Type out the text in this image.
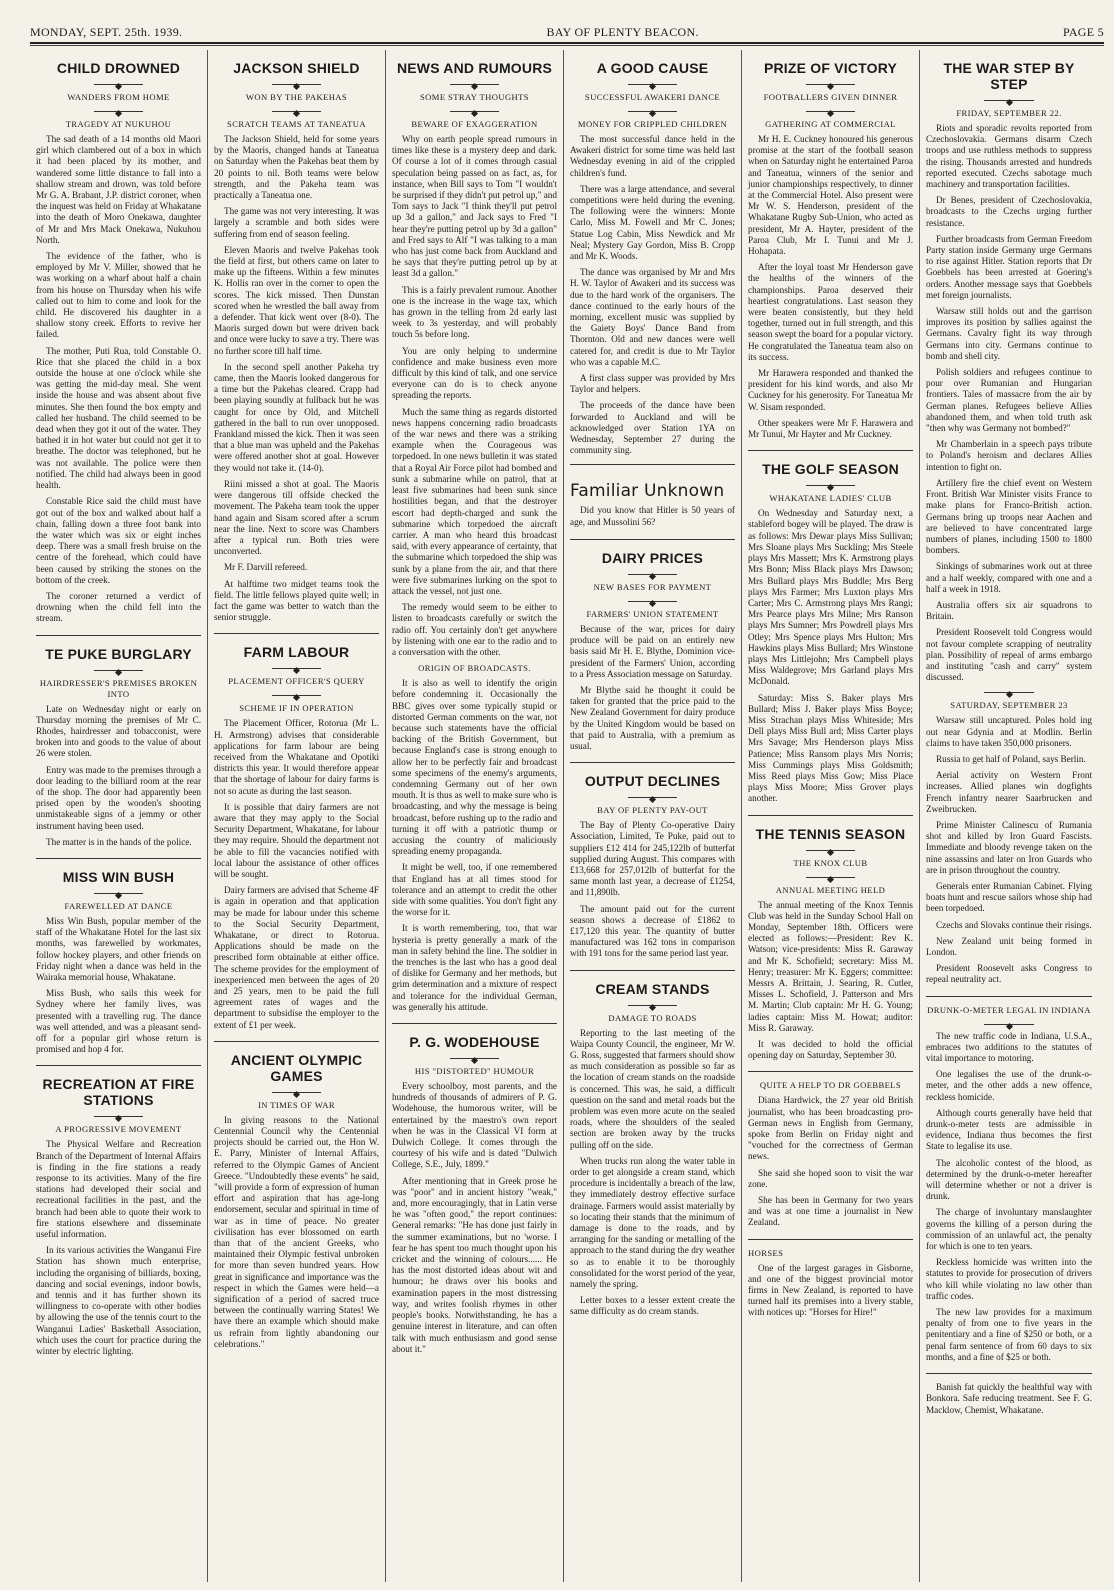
MONDAY, SEPT. 25th. 1939.	BAY OF PLENTY BEACON.	PAGE 5
CHILD DROWNED
WANDERS FROM HOME
TRAGEDY AT NUKUHOU

The sad death of a 14 months old Maori girl which clambered out of a box in which it had been placed by its mother, and wandered some little distance to fall into a shallow stream and drown, was told before Mr G. A. Brabant, J.P. district coroner, when the inquest was held on Friday at Whakatane into the death of Moro Onekawa, daughter of Mr and Mrs Mack Onekawa, Nukuhou North.

The evidence of the father, who is employed by Mr V. Miller, showed that he was working on a wharf about half a chain from his house on Thursday when his wife called out to him to come and look for the child. He discovered his daughter in a shallow stony creek. Efforts to revive her failed.

The mother, Puti Rua, told Constable O. Rice that she placed the child in a box outside the house at one o'clock while she was getting the mid-day meal. She went inside the house and was absent about five minutes. She then found the box empty and called her husband. The child seemed to be dead when they got it out of the water. They bathed it in hot water but could not get it to breathe. The doctor was telephoned, but he was not available. The police were then notified. The child had always been in good health.

Constable Rice said the child must have got out of the box and walked about half a chain, falling down a three foot bank into the water which was six or eight inches deep. There was a small fresh bruise on the centre of the forehead, which could have been caused by striking the stones on the bottom of the creek.

The coroner returned a verdict of drowning when the child fell into the stream.

TE PUKE BURGLARY
HAIRDRESSER'S PREMISES BROKEN INTO

Late on Wednesday night or early on Thursday morning the premises of Mr C. Rhodes, hairdresser and tobacconist, were broken into and goods to the value of about 26 were stolen.

Entry was made to the premises through a door leading to the billiard room at the rear of the shop. The door had apparently been prised open by the wooden's shooting unmistakeable signs of a jemmy or other instrument having been used.

The matter is in the hands of the police.

MISS WIN BUSH
FAREWELLED AT DANCE

Miss Win Bush, popular member of the staff of the Whakatane Hotel for the last six months, was farewelled by workmates, follow hockey players, and other friends on Friday night when a dance was held in the Wairaka memorial house, Whakatane.

Miss Bush, who sails this week for Sydney where her family lives, was presented with a travelling rug. The dance was well attended, and was a pleasant send-off for a popular girl whose return is promised and hop 4 for.

RECREATION AT FIRE STATIONS
A PROGRESSIVE MOVEMENT

The Physical Welfare and Recreation Branch of the Department of Internal Affairs is finding in the fire stations a ready response to its activities. Many of the fire stations had developed their social and recreational facilities in the past, and the branch had been able to quote their work to fire stations elsewhere and disseminate useful information.

In its various activities the Wanganui Fire Station has shown much enterprise, including the organising of billiards, boxing, dancing and social evenings, indoor bowls, and tennis and it has further shown its willingness to co-operate with other bodies by allowing the use of the tennis court to the Wanganui Ladies' Basketball Association, which uses the court for practice during the winter by electric lighting.

JACKSON SHIELD
WON BY THE PAKEHAS
SCRATCH TEAMS AT TANEATUA

The Jackson Shield, held for some years by the Maoris, changed hands at Taneatua on Saturday when the Pakehas beat them by 20 points to nil. Both teams were below strength, and the Pakeha team was practically a Taneatua one.

The game was not very interesting. It was largely a scramble and both sides were suffering from end of season feeling.

Eleven Maoris and twelve Pakehas took the field at first, but others came on later to make up the fifteens. Within a few minutes K. Hollis ran over in the corner to open the scores. The kick missed. Then Dunstan scored when he wrestled the ball away from a defender. That kick went over (8-0). The Maoris surged down but were driven back and once were lucky to save a try. There was no further score till half time.

In the second spell another Pakeha try came, then the Maoris looked dangerous for a time but the Pakehas cleared. Crapp had been playing soundly at fullback but he was caught for once by Old, and Mitchell gathered in the ball to run over unopposed. Frankland missed the kick. Then it was seen that a blue man was upheld and the Pakehas were offered another shot at goal. However they would not take it. (14-0).

Riini missed a shot at goal. The Maoris were dangerous till offside checked the movement. The Pakeha team took the upper hand again and Sisam scored after a scrum near the line. Next to score was Chambers after a typical run. Both tries were unconverted.

Mr F. Darvill refereed.

At halftime two midget teams took the field. The little fellows played quite well; in fact the game was better to watch than the senior struggle.

FARM LABOUR
PLACEMENT OFFICER'S QUERY
SCHEME IF IN OPERATION

The Placement Officer, Rotorua (Mr L. H. Armstrong) advises that considerable applications for farm labour are being received from the Whakatane and Opotiki districts this year. It would therefore appear that the shortage of labour for dairy farms is not so acute as during the last season.

It is possible that dairy farmers are not aware that they may apply to the Social Security Department, Whakatane, for labour they may require. Should the department not be able to fill the vacancies notified with local labour the assistance of other offices will be sought.

Dairy farmers are advised that Scheme 4F is again in operation and that application may be made for labour under this scheme to the Social Security Department, Whakatane, or direct to Rotorua. Applications should be made on the prescribed form obtainable at either office. The scheme provides for the employment of inexperienced men between the ages of 20 and 25 years, men to be paid the full agreement rates of wages and the department to subsidise the employer to the extent of £1 per week.

ANCIENT OLYMPIC GAMES
IN TIMES OF WAR

In giving reasons to the National Centennial Council why the Centennial projects should be carried out, the Hon W. E. Parry, Minister of Internal Affairs, referred to the Olympic Games of Ancient Greece. "Undoubtedly these events" he said, "will provide a form of expression of human effort and aspiration that has age-long endorsement, secular and spiritual in time of war as in time of peace. No greater civilisation has ever blossomed on earth than that of the ancient Greeks, who maintained their Olympic festival unbroken for more than seven hundred years. How great in significance and importance was the respect in which the Games were held—a signification of a period of sacred truce between the continually warring States! We have there an example which should make us refrain from lightly abandoning our celebrations."

NEWS AND RUMOURS
SOME STRAY THOUGHTS
BEWARE OF EXAGGERATION

Why on earth people spread rumours in times like these is a mystery deep and dark. Of course a lot of it comes through casual speculation being passed on as fact, as, for instance, when Bill says to Tom "I wouldn't be surprised if they didn't put petrol up," and Tom says to Jack "I think they'll put petrol up 3d a gallon," and Jack says to Fred "I hear they're putting petrol up by 3d a gallon" and Fred says to Alf "I was talking to a man who has just come back from Auckland and he says that they're putting petrol up by at least 3d a gallon."

This is a fairly prevalent rumour. Another one is the increase in the wage tax, which has grown in the telling from 2d early last week to 3s yesterday, and will probably touch 5s before long.

You are only helping to undermine confidence and make business even more difficult by this kind of talk, and one service everyone can do is to check anyone spreading the reports.

Much the same thing as regards distorted news happens concerning radio broadcasts of the war news and there was a striking example when the Courageous was torpedoed. In one news bulletin it was stated that a Royal Air Force pilot had bombed and sunk a submarine while on patrol, that at least five submarines had been sunk since hostilities began, and that the destroyer escort had depth-charged and sunk the submarine which torpedoed the aircraft carrier. A man who heard this broadcast said, with every appearance of certainty, that the submarine which torpedoed the ship was sunk by a plane from the air, and that there were five submarines lurking on the spot to attack the vessel, not just one.

The remedy would seem to be either to listen to broadcasts carefully or switch the radio off. You certainly don't get anywhere by listening with one ear to the radio and to a conversation with the other.

ORIGIN OF BROADCASTS.

It is also as well to identify the origin before condemning it. Occasionally the BBC gives over some typically stupid or distorted German comments on the war, not because such statements have the official backing of the British Government, but because England's case is strong enough to allow her to be perfectly fair and broadcast some specimens of the enemy's arguments, condemning Germany out of her own mouth. It is thus as well to make sure who is broadcasting, and why the message is being broadcast, before rushing up to the radio and turning it off with a patriotic thump or accusing the country of maliciously spreading enemy propaganda.

It might be well, too, if one remembered that England has at all times stood for tolerance and an attempt to credit the other side with some qualities. You don't fight any the worse for it.

It is worth remembering, too, that war hysteria is pretty generally a mark of the man in safety behind the line. The soldier in the trenches is the last who has a good deal of dislike for Germany and her methods, but grim determination and a mixture of respect and tolerance for the individual German, was generally his attitude.

P. G. WODEHOUSE
HIS "DISTORTED" HUMOUR

Every schoolboy, most parents, and the hundreds of thousands of admirers of P. G. Wodehouse, the humorous writer, will be entertained by the maestro's own report when he was in the Classical VI form at Dulwich College. It comes through the courtesy of his wife and is dated "Dulwich College, S.E., July, 1899."

After mentioning that in Greek prose he was "poor" and in ancient history "weak," and, more encouragingly, that in Latin verse he was "often good," the report continues: General remarks: "He has done just fairly in the summer examinations, but no 'worse. I fear he has spent too much thought upon his cricket and the winning of colours...... He has the most distorted ideas about wit and humour; he draws over his books and examination papers in the most distressing way, and writes foolish rhymes in other people's books. Notwithstanding, he has a genuine interest in literature, and can often talk with much enthusiasm and good sense about it."

A GOOD CAUSE
SUCCESSFUL AWAKERI DANCE
MONEY FOR CRIPPLED CHILDREN

The most successful dance held in the Awakeri district for some time was held last Wednesday evening in aid of the crippled children's fund.

There was a large attendance, and several competitions were held during the evening. The following were the winners: Monte Carlo, Miss M. Fowell and Mr C. Jones; Statue Log Cabin, Miss Newdick and Mr Neal; Mystery Gay Gordon, Miss B. Cropp and Mr K. Woods.

The dance was organised by Mr and Mrs H. W. Taylor of Awakeri and its success was due to the hard work of the organisers. The dance continued to the early hours of the morning, excellent music was supplied by the Gaiety Boys' Dance Band from Thornton. Old and new dances were well catered for, and credit is due to Mr Taylor who was a capable M.C.

A first class supper was provided by Mrs Taylor and helpers.

The proceeds of the dance have been forwarded to Auckland and will be acknowledged over Station 1YA on Wednesday, September 27 during the community sing.

Familiar Unknown

Did you know that Hitler is 50 years of age, and Mussolini 56?

DAIRY PRICES
NEW BASES FOR PAYMENT
FARMERS' UNION STATEMENT

Because of the war, prices for dairy produce will be paid on an entirely new basis said Mr H. E. Blythe, Dominion vice-president of the Farmers' Union, according to a Press Association message on Saturday.

Mr Blythe said he thought it could be taken for granted that the price paid to the New Zealand Government for dairy produce by the United Kingdom would be based on that paid to Australia, with a premium as usual.

OUTPUT DECLINES
BAY OF PLENTY PAY-OUT

The Bay of Plenty Co-operative Dairy Association, Limited, Te Puke, paid out to suppliers £12 414 for 245,122lb of butterfat supplied during August. This compares with £13,668 for 257,012lb of butterfat for the same month last year, a decrease of £1254, and 11,890lb.

The amount paid out for the current season shows a decrease of £1862 to £17,120 this year. The quantity of butter manufactured was 162 tons in comparison with 191 tons for the same period last year.

CREAM STANDS
DAMAGE TO ROADS

Reporting to the last meeting of the Waipa County Council, the engineer, Mr W. G. Ross, suggested that farmers should show as much consideration as possible so far as the location of cream stands on the roadside is concerned. This was, he said, a difficult question on the sand and metal roads but the problem was even more acute on the sealed roads, where the shoulders of the sealed section are broken away by the trucks pulling off on the side.

When trucks run along the water table in order to get alongside a cream stand, which procedure is incidentally a breach of the law, they immediately destroy effective surface drainage. Farmers would assist materially by so locating their stands that the minimum of damage is done to the roads, and by arranging for the sanding or metalling of the approach to the stand during the dry weather so as to enable it to be thoroughly consolidated for the worst period of the year, namely the spring.

Letter boxes to a lesser extent create the same difficulty as do cream stands.

PRIZE OF VICTORY
FOOTBALLERS GIVEN DINNER
GATHERING AT COMMERCIAL

Mr H. E. Cuckney honoured his generous promise at the start of the football season when on Saturday night he entertained Paroa and Taneatua, winners of the senior and junior championships respectively, to dinner at the Commercial Hotel. Also present were Mr W. S. Henderson, president of the Whakatane Rugby Sub-Union, who acted as president, Mr A. Hayter, president of the Paroa Club, Mr I. Tunui and Mr J. Hohapata.

After the loyal toast Mr Henderson gave the healths of the winners of the championships. Paroa deserved their heartiest congratulations. Last season they were beaten consistently, but they held together, turned out in full strength, and this season swept the board for a popular victory. He congratulated the Taneatua team also on its success.

Mr Harawera responded and thanked the president for his kind words, and also Mr Cuckney for his generosity. For Taneatua Mr W. Sisam responded.

Other speakers were Mr F. Harawera and Mr Tunui, Mr Hayter and Mr Cuckney.

THE GOLF SEASON
WHAKATANE LADIES' CLUB

On Wednesday and Saturday next, a stableford bogey will be played. The draw is as follows: Mrs Dewar plays Miss Sullivan; Mrs Sloane plays Mrs Suckling; Mrs Steele plays Mrs Massett; Mrs K. Armstrong plays Mrs Bonn; Miss Black plays Mrs Dawson; Mrs Bullard plays Mrs Buddle; Mrs Berg plays Mrs Farmer; Mrs Luxton plays Mrs Carter; Mrs C. Armstrong plays Mrs Rangi; Mrs Pearce plays Mrs Milne; Mrs Ranson plays Mrs Sumner; Mrs Powdrell plays Mrs Otley; Mrs Spence plays Mrs Hulton; Mrs Hawkins plays Miss Bullard; Mrs Winstone plays Mrs Littlejohn; Mrs Campbell plays Miss Waldegrove; Mrs Garland plays Mrs McDonald.

Saturday: Miss S. Baker plays Mrs Bullard; Miss J. Baker plays Miss Boyce; Miss Strachan plays Miss Whiteside; Mrs Dell plays Miss Bull ard; Miss Carter plays Mrs Savage; Mrs Henderson plays Miss Patience; Miss Ransom plays Mrs Norris; Miss Cummings plays Miss Goldsmith; Miss Reed plays Miss Gow; Miss Place plays Miss Moore; Miss Grover plays another.

THE TENNIS SEASON
THE KNOX CLUB
ANNUAL MEETING HELD

The annual meeting of the Knox Tennis Club was held in the Sunday School Hall on Monday, September 18th. Officers were elected as follows:—President: Rev K. Watson; vice-presidents: Miss R. Garaway and Mr K. Schofield; secretary: Miss M. Henry; treasurer: Mr K. Eggers; committee: Messrs A. Brittain, J. Searing, R. Cutler, Misses L. Schofield, J. Patterson and Mrs M. Martin; Club captain: Mr H. G. Young; ladies captain: Miss M. Howat; auditor: Miss R. Garaway.

It was decided to hold the official opening day on Saturday, September 30.

QUITE A HELP TO DR GOEBBELS

Diana Hardwick, the 27 year old British journalist, who has been broadcasting pro-German news in English from Germany, spoke from Berlin on Friday night and "vouched for the correctness of German news.

She said she hoped soon to visit the war zone.

She has been in Germany for two years and was at one time a journalist in New Zealand.

HORSES

One of the largest garages in Gisborne, and one of the biggest provincial motor firms in New Zealand, is reported to have turned half its premises into a livery stable, with notices up: "Horses for Hire!"

THE WAR STEP BY STEP
FRIDAY, SEPTEMBER 22.

Riots and sporadic revolts reported from Czechoslovakia. Germans disarm Czech troops and use ruthless methods to suppress the rising. Thousands arrested and hundreds reported executed. Czechs sabotage much machinery and transportation facilities.

Dr Benes, president of Czechoslovakia, broadcasts to the Czechs urging further resistance.

Further broadcasts from German Freedom Party station inside Germany urge Germans to rise against Hitler. Station reports that Dr Goebbels has been arrested at Goering's orders. Another message says that Goebbels met foreign journalists.

Warsaw still holds out and the garrison improves its position by sallies against the Germans. Cavalry fight its way through Germans into city. Germans continue to bomb and shell city.

Polish soldiers and refugees continue to pour over Rumanian and Hungarian frontiers. Tales of massacre from the air by German planes. Refugees believe Allies abandoned them, and when told truth ask "then why was Germany not bombed?"

Mr Chamberlain in a speech pays tribute to Poland's heroism and declares Allies intention to fight on.

Artillery fire the chief event on Western Front. British War Minister visits France to make plans for Franco-British action. Germans bring up troops near Aachen and are believed to have concentrated large numbers of planes, including 1500 to 1800 bombers.

Sinkings of submarines work out at three and a half weekly, compared with one and a half a week in 1918.

Australia offers six air squadrons to Britain.

President Roosevelt told Congress would not favour complete scrapping of neutrality plan. Possibility of repeal of arms embargo and instituting "cash and carry" system discussed.

SATURDAY, SEPTEMBER 23

Warsaw still uncaptured. Poles hold ing out near Gdynia and at Modlin. Berlin claims to have taken 350,000 prisoners.

Russia to get half of Poland, says Berlin.

Aerial activity on Western Front increases. Allied planes win dogfights French infantry nearer Saarbrucken and Zweibrucken.

Prime Minister Calinescu of Rumania shot and killed by Iron Guard Fascists. Immediate and bloody revenge taken on the nine assassins and later on Iron Guards who are in prison throughout the country.

Generals enter Rumanian Cabinet. Flying boats hunt and rescue sailors whose ship had been torpedoed.

Czechs and Slovaks continue their risings.

New Zealand unit being formed in London.

President Roosevelt asks Congress to repeal neutrality act.

DRUNK-O-METER LEGAL IN INDIANA

The new traffic code in Indiana, U.S.A., embraces two additions to the statutes of vital importance to motoring.

One legalises the use of the drunk-o-meter, and the other adds a new offence, reckless homicide.

Although courts generally have held that drunk-o-meter tests are admissible in evidence, Indiana thus becomes the first State to legalise its use.

The alcoholic contest of the blood, as determined by the drunk-o-meter hereafter will determine whether or not a driver is drunk.

The charge of involuntary manslaughter governs the killing of a person during the commission of an unlawful act, the penalty for which is one to ten years.

Reckless homicide was written into the statutes to provide for prosecution of drivers who kill while violating no law other than traffic codes.

The new law provides for a maximum penalty of from one to five years in the penitentiary and a fine of $250 or both, or a penal farm sentence of from 60 days to six months, and a fine of $25 or both.

Banish fat quickly the healthful way with Bonkora. Safe reducing treatment. See F. G. Macklow, Chemist, Whakatane.
